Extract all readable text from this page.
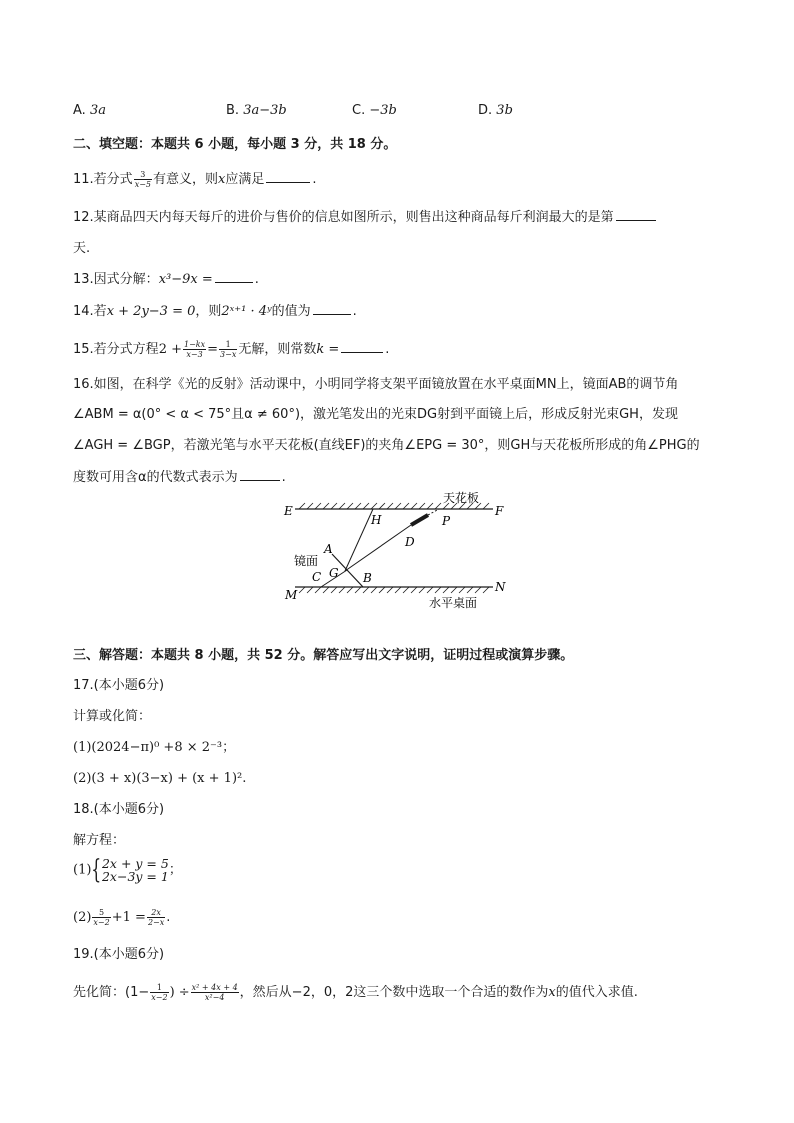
A. 3a	B. 3a−3b	C. −3b	D. 3b
二、填空题：本题共 6 小题，每小题 3 分，共 18 分。
11.若分式 $\frac{3}{x-5}$ 有意义，则x应满足	.
12.某商品四天内每天每斤的进价与售价的信息如图所示，则售出这种商品每斤利润最大的是第
天.
13.因式分解：x³−9x =	.
14.若x + 2y−3 = 0，则2ˣ⁺¹ · 4ʸ的值为	.
15.若分式方程$2 + \frac{1-kx}{x-3} = \frac{1}{3-x}$ 无解，则常数k =	.
16.如图，在科学《光的反射》活动课中，小明同学将支架平面镜放置在水平桌面MN上，镜面AB的调节角
∠ABM = α(0° < α < 75°且α ≠ 60°)，激光笔发出的光束DG射到平面镜上后，形成反射光束GH，发现
∠AGH = ∠BGP，若激光笔与水平天花板(直线EF)的夹角∠EPG = 30°，则GH与天花板所形成的角∠PHG的
度数可用含α的代数式表示为	.
E	F
天花板
H	P
D
A
镜面
C G B
M
N
水平桌面
三、解答题：本题共 8 小题，共 52 分。解答应写出文字说明，证明过程或演算步骤。
17.(本小题6分)
计算或化简：
(1)(2024−π)⁰ +8 × 2⁻³；
(2)(3 + x)(3−x) + (x + 1)².
18.(本小题6分)
解方程：
(1){ 2x + y = 5
2x−3y = 1 ；
$(2) \frac{5}{x-2} +1 = \frac{2x}{2-x}$ .
19.(本小题6分)
先化简：($1- \frac{1}{x-2}$ ) ÷ $\frac{\text{x² + 4x + 4}}{\text{x²−4}}$ ，然后从−2，0，2这三个数中选取一个合适的数作为x的值代入求值.
